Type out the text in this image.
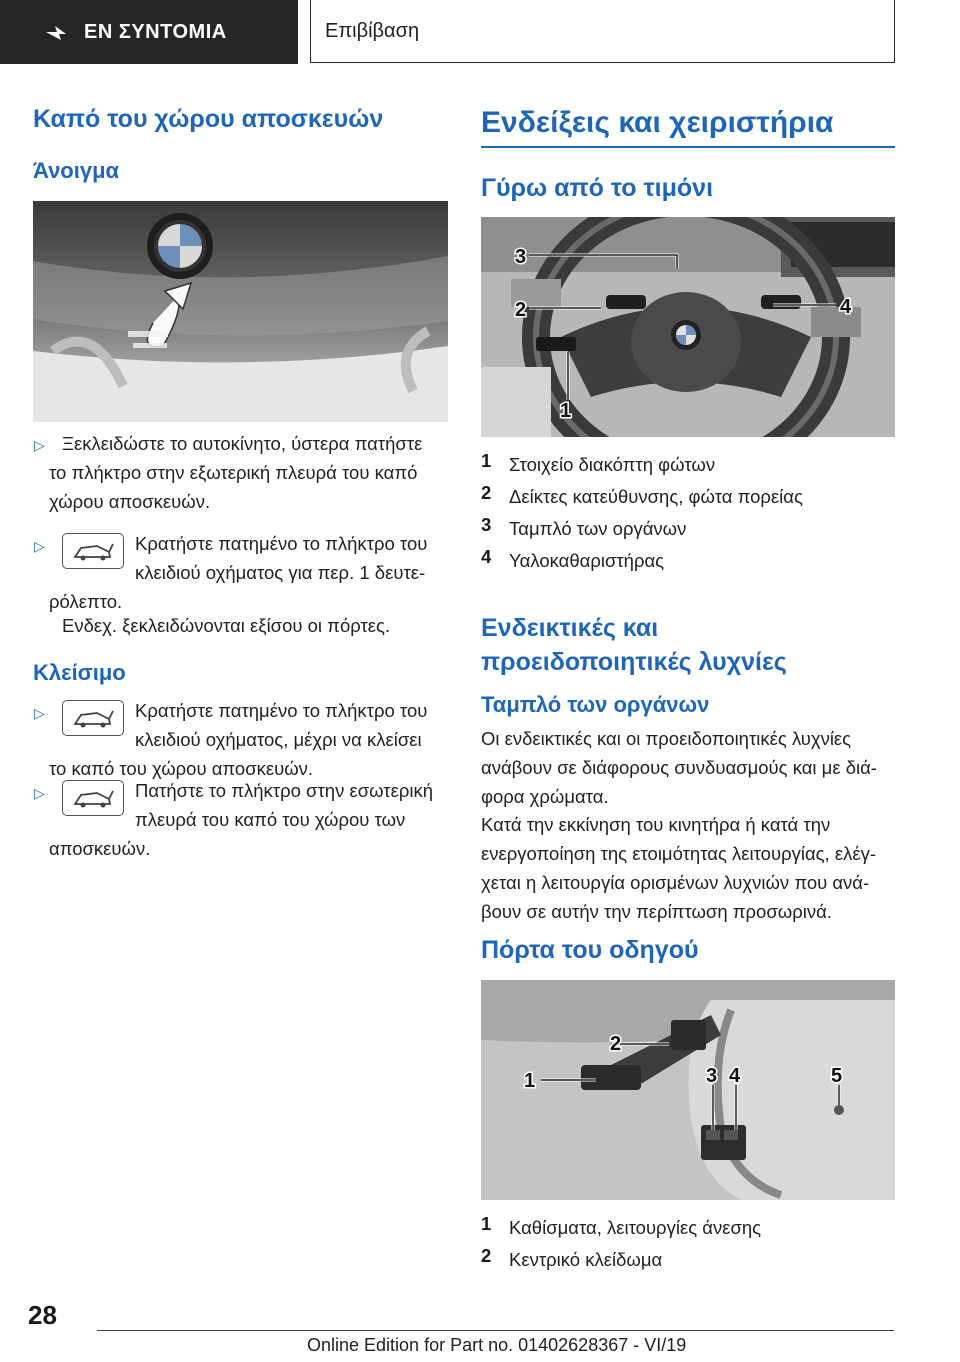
ΕΝ ΣΥΝΤΟΜΙΑ	Επιβίβαση
Καπό του χώρου αποσκευών
Άνοιγμα
▷ Ξεκλειδώστε το αυτοκίνητο, ύστερα πατήστε
το πλήκτρο στην εξωτερική πλευρά του καπό
χώρου αποσκευών.
▷	Κρατήστε πατημένο το πλήκτρο του
κλειδιού οχήματος για περ. 1 δευτε-
ρόλεπτο.
Ενδεχ. ξεκλειδώνονται εξίσου οι πόρτες.
Κλείσιμο
▷	Κρατήστε πατημένο το πλήκτρο του
κλειδιού οχήματος, μέχρι να κλείσει
το καπό του χώρου αποσκευών.
▷	Πατήστε το πλήκτρο στην εσωτερική
πλευρά του καπό του χώρου των
αποσκευών.
Ενδείξεις και χειριστήρια
Γύρω από το τιμόνι
3
2	4
1
1 Στοιχείο διακόπτη φώτων
2 Δείκτες κατεύθυνσης, φώτα πορείας
3 Ταμπλό των οργάνων
4 Υαλοκαθαριστήρας
Ενδεικτικές και
προειδοποιητικές λυχνίες
Ταμπλό των οργάνων
Οι ενδεικτικές και οι προειδοποιητικές λυχνίες
ανάβουν σε διάφορους συνδυασμούς και με διά-
φορα χρώματα.
Κατά την εκκίνηση του κινητήρα ή κατά την
ενεργοποίηση της ετοιμότητας λειτουργίας, ελέγ-
χεται η λειτουργία ορισμένων λυχνιών που ανά-
βουν σε αυτήν την περίπτωση προσωρινά.
Πόρτα του οδηγού
2
1	3 4	5
1 Καθίσματα, λειτουργίες άνεσης
2 Κεντρικό κλείδωμα
28
Online Edition for Part no. 01402628367 - VI/19
